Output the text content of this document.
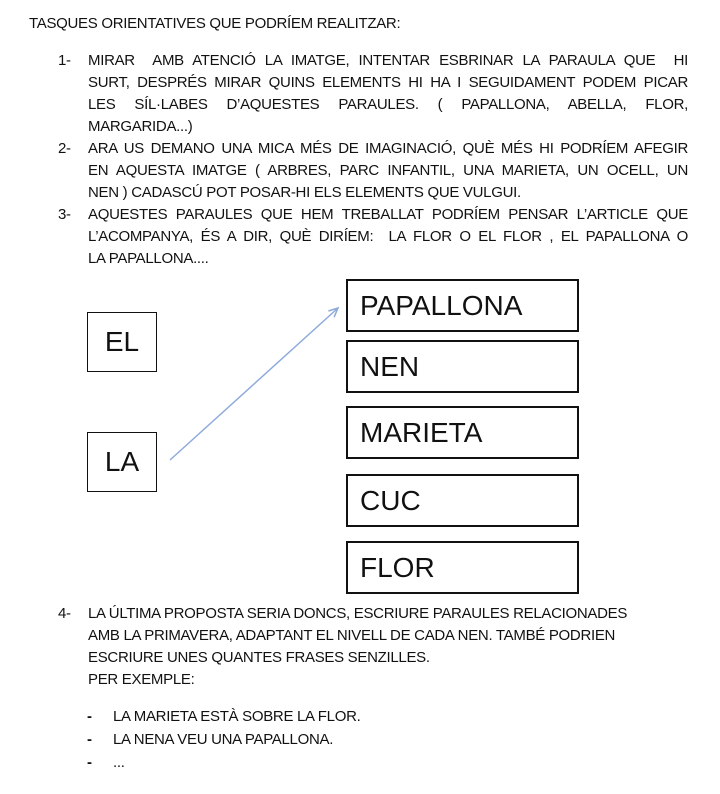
TASQUES ORIENTATIVES QUE PODRÍEM REALITZAR:
1-	MIRAR  AMB ATENCIÓ LA IMATGE, INTENTAR ESBRINAR LA PARAULA QUE  HI
SURT, DESPRÉS MIRAR QUINS ELEMENTS HI HA I SEGUIDAMENT PODEM PICAR
LES SÍL·LABES D’AQUESTES PARAULES. ( PAPALLONA, ABELLA, FLOR,
MARGARIDA...)
2-	ARA US DEMANO UNA MICA MÉS DE IMAGINACIÓ, QUÈ MÉS HI PODRÍEM AFEGIR
EN AQUESTA IMATGE ( ARBRES, PARC INFANTIL, UNA MARIETA, UN OCELL, UN
NEN ) CADASCÚ POT POSAR-HI ELS ELEMENTS QUE VULGUI.
3-	AQUESTES PARAULES QUE HEM TREBALLAT PODRÍEM PENSAR L’ARTICLE QUE
L’ACOMPANYA, ÉS A DIR, QUÈ DIRÍEM:  LA FLOR O EL FLOR , EL PAPALLONA O
LA PAPALLONA....
EL
LA
PAPALLONA
NEN
MARIETA
CUC
FLOR
4-	LA ÚLTIMA PROPOSTA SERIA DONCS, ESCRIURE PARAULES RELACIONADES
AMB LA PRIMAVERA, ADAPTANT EL NIVELL DE CADA NEN. TAMBÉ PODRIEN
ESCRIURE UNES QUANTES FRASES SENZILLES.
PER EXEMPLE:
-	LA MARIETA ESTÀ SOBRE LA FLOR.
-	LA NENA VEU UNA PAPALLONA.
-	...
